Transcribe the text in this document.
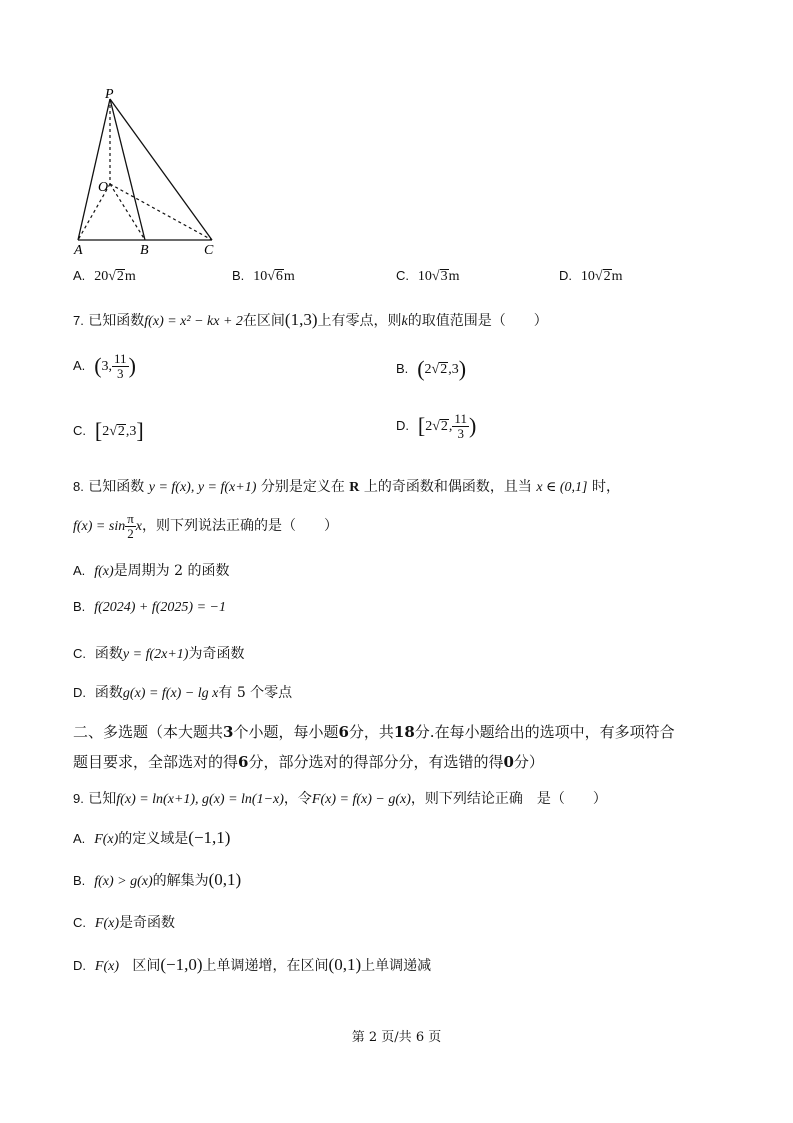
P
O
A	B	C
A. 20√2m	B. 10√6m	C. 10√3m	D. 10√2m
7. 已知函数f(x) = x² − kx + 2在区间(1,3)上有零点，则k的取值范围是（　　）
A. (3, $\frac{11}{3}$ )	B. (2√2,3)
C. [2√2,3]	D. [2√2, $\frac{11}{3}$ )
8. 已知函数 y = f(x), y = f(x+1) 分别是定义在 R 上的奇函数和偶函数，且当 x ∈ (0,1] 时，
$f(x) = \sin \frac{\pi}{2}$ x，则下列说法正确的是（　　）
A. f(x)是周期为 2 的函数
B. f(2024) + f(2025) = −1
C. 函数y = f(2x+1)为奇函数
D. 函数g(x) = f(x) − lg x有 5 个零点
二、多选题（本大题共3个小题，每小题6分，共18分.在每小题给出的选项中，有多项符合
题目要求，全部选对的得6分，部分选对的得部分分，有选错的得0分）
9. 已知f(x) = ln(x+1), g(x) = ln(1−x)，令F(x) = f(x) − g(x)，则下列结论正确　是（　　）
A. F(x)的定义域是(−1,1)
B. f(x) > g(x)的解集为(0,1)
C. F(x)是奇函数
D. F(x) 区间(−1,0)上单调递增，在区间(0,1)上单调递减
第 2 页/共 6 页
